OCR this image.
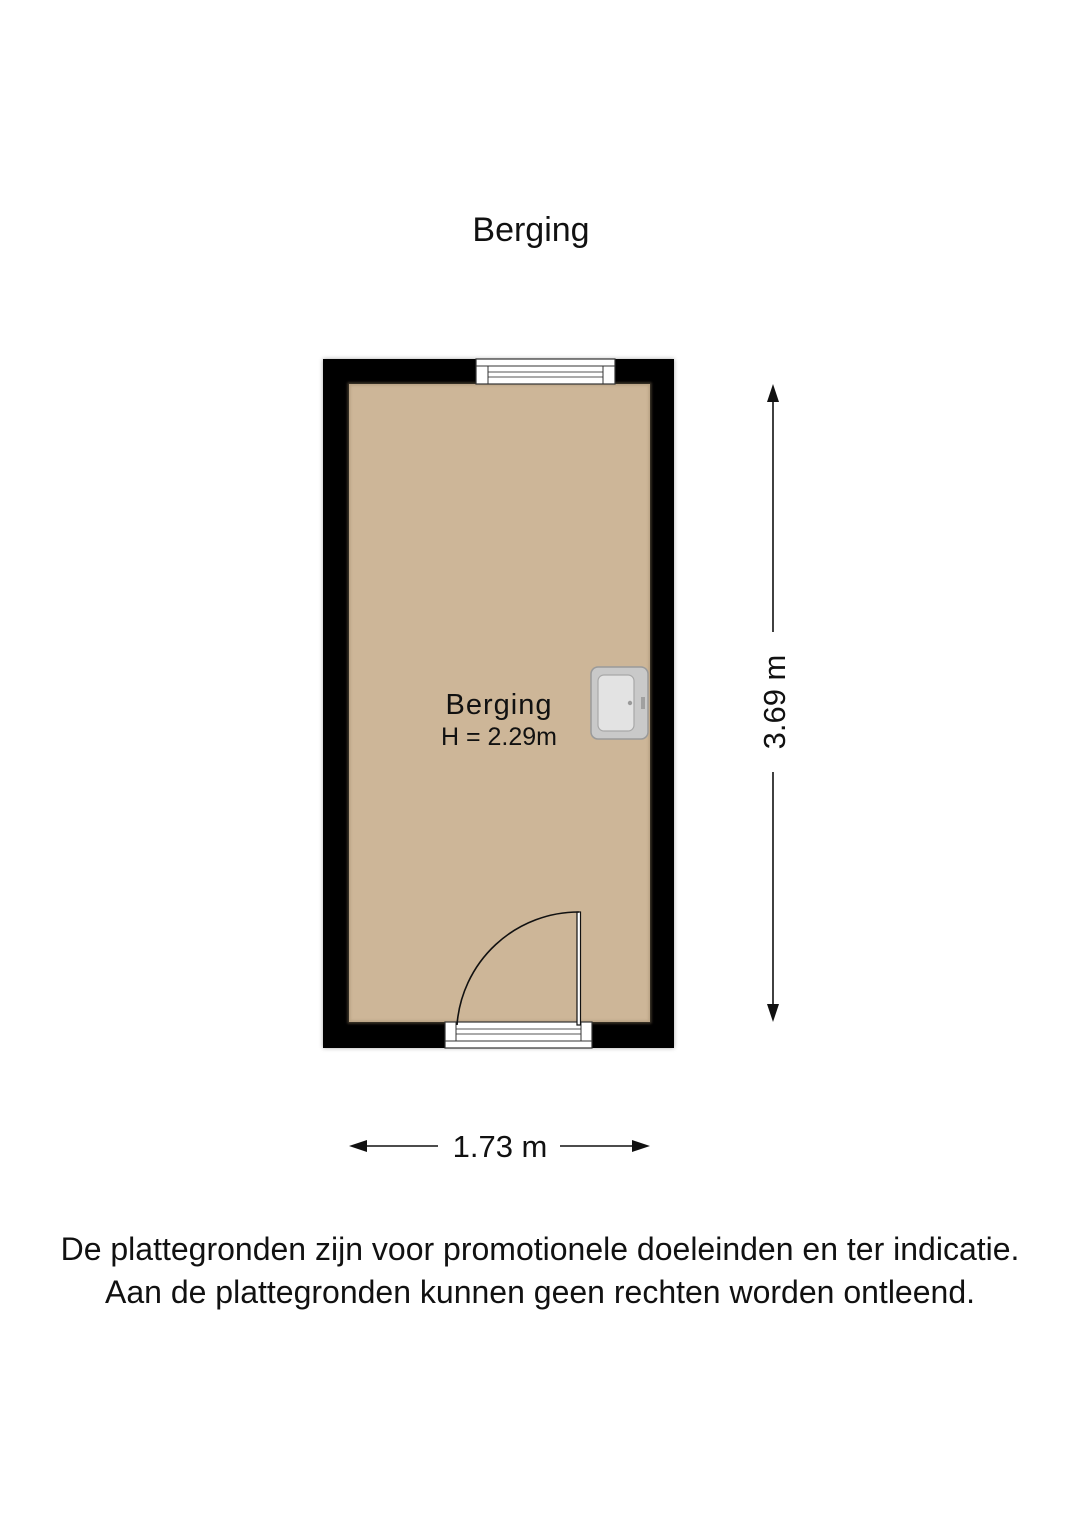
Berging
Berging
H = 2.29m	3.69 m
1.73 m
De plattegronden zijn voor promotionele doeleinden en ter indicatie.
Aan de plattegronden kunnen geen rechten worden ontleend.
